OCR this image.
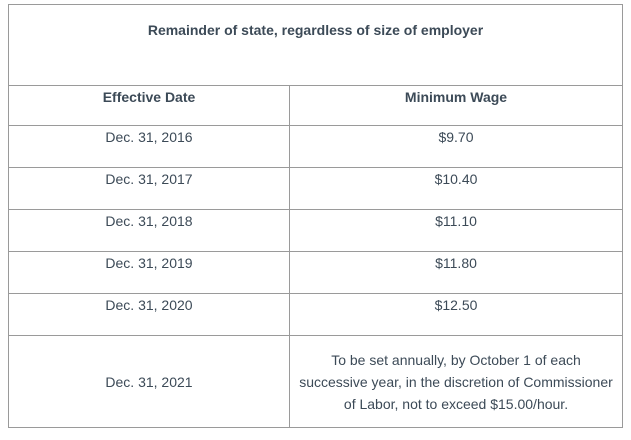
Remainder of state, regardless of size of employer	
Effective Date	Minimum Wage
Dec. 31, 2016	$9.70
Dec. 31, 2017	$10.40
Dec. 31, 2018	$11.10
Dec. 31, 2019	$11.80
Dec. 31, 2020	$12.50
Dec. 31, 2021	To be set annually, by October 1 of each successive year, in the discretion of Commissioner of Labor, not to exceed $15.00/hour.
